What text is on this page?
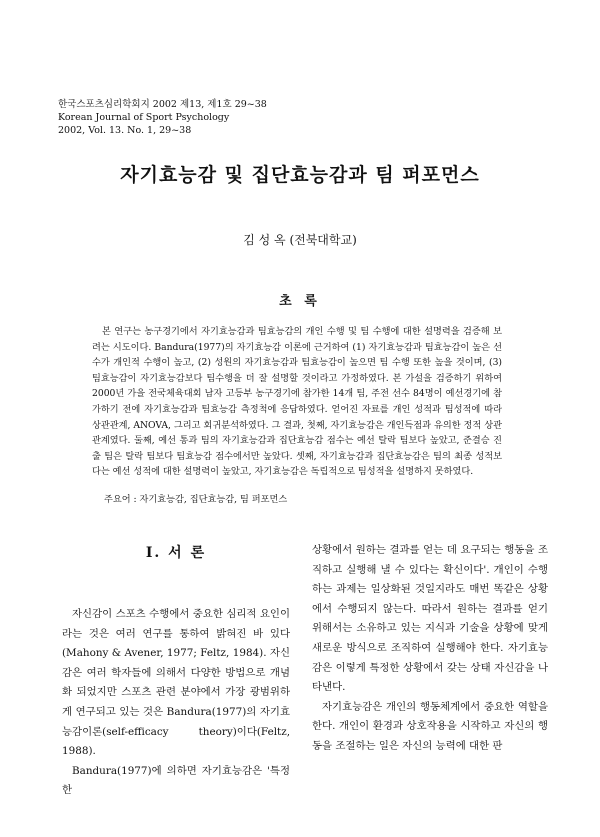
한국스포츠심리학회지 2002 제13, 제1호 29~38
Korean Journal of Sport Psychology
2002, Vol. 13. No. 1, 29~38
자기효능감 및 집단효능감과 팀 퍼포먼스
김 성 옥 (전북대학교)
초 록

본 연구는 농구경기에서 자기효능감과 팀효능감의 개인 수행 및 팀 수행에 대한 설명력을 검증해 보려는 시도이다. Bandura(1977)의 자기효능감 이론에 근거하여 (1) 자기효능감과 팀효능감이 높은 선수가 개인적 수행이 높고, (2) 성원의 자기효능감과 팀효능감이 높으면 팀 수행 또한 높을 것이며, (3) 팀효능감이 자기효능감보다 팀수행을 더 잘 설명할 것이라고 가정하였다. 본 가설을 검증하기 위하여 2000년 가을 전국체육대회 남자 고등부 농구경기에 참가한 14개 팀, 주전 선수 84명이 예선경기에 참가하기 전에 자기효능감과 팀효능감 측정척에 응답하였다. 얻어진 자료를 개인 성적과 팀성적에 따라 상관관계, ANOVA, 그리고 회귀분석하였다. 그 결과, 첫째, 자기효능감은 개인득점과 유의한 정적 상관관계였다. 둘째, 예선 통과 팀의 자기효능감과 집단효능감 점수는 예선 탈락 팀보다 높았고, 준결승 진출 팀은 탈락 팀보다 팀효능감 점수에서만 높았다. 셋째, 자기효능감과 집단효능감은 팀의 최종 성적보다는 예선 성적에 대한 설명력이 높았고, 자기효능감은 독립적으로 팀성적을 설명하지 못하였다.

주요어 : 자기효능감, 집단효능감, 팀 퍼포먼스
Ⅰ. 서 론

자신감이 스포츠 수행에서 중요한 심리적 요인이라는 것은 여러 연구를 통하여 밝혀진 바 있다(Mahony & Avener, 1977; Feltz, 1984). 자신감은 여러 학자들에 의해서 다양한 방법으로 개념화 되었지만 스포츠 관련 분야에서 가장 광범위하게 연구되고 있는 것은 Bandura(1977)의 자기효능감이론(self-efficacy theory)이다(Feltz, 1988).

Bandura(1977)에 의하면 자기효능감은 '특정한

상황에서 원하는 결과를 얻는 데 요구되는 행동을 조직하고 실행해 낼 수 있다는 확신이다'. 개인이 수행하는 과제는 일상화된 것일지라도 매번 똑같은 상황에서 수행되지 않는다. 따라서 원하는 결과를 얻기 위해서는 소유하고 있는 지식과 기술을 상황에 맞게 새로운 방식으로 조직하여 실행해야 한다. 자기효능감은 이렇게 특정한 상황에서 갖는 상태 자신감을 나타낸다.

자기효능감은 개인의 행동체계에서 중요한 역할을 한다. 개인이 환경과 상호작용을 시작하고 자신의 행동을 조절하는 일은 자신의 능력에 대한 판
